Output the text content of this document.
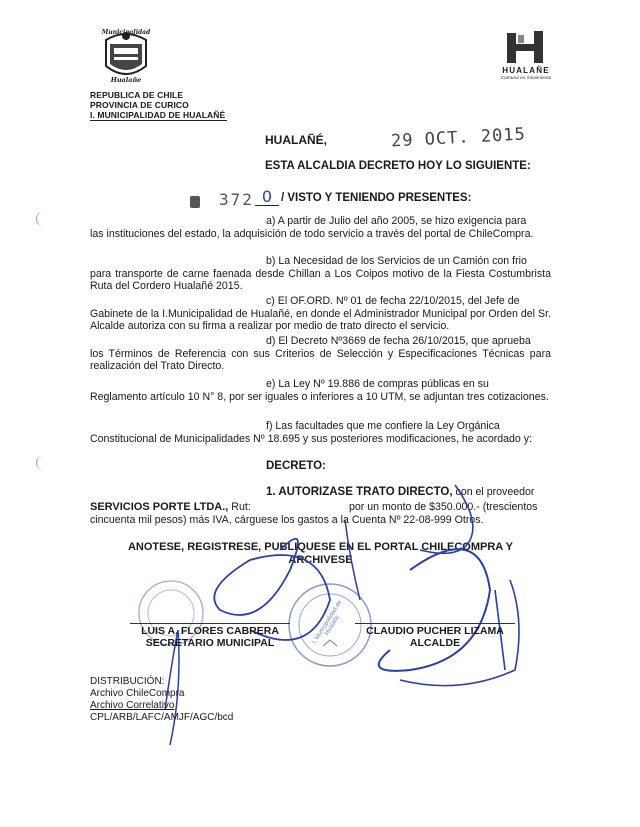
Municipalidad
Hualañe
REPUBLICA DE CHILE
PROVINCIA DE CURICO
I. MUNICIPALIDAD DE HUALAÑÉ
HUALAÑE
Comuna en movimiento
HUALAÑÉ,	29 OCT. 2015
ESTA ALCALDIA DECRETO HOY LO SIGUIENTE:
372 0 / VISTO Y TENIENDO PRESENTES:
a) A partir de Julio del año 2005, se hizo exigencia para
las instituciones del estado, la adquisición de todo servicio a través del portal de ChileCompra.
b) La Necesidad de los Servicios de un Camión con frio
para transporte de carne faenada desde Chillan a Los Coipos motivo de la Fiesta Costumbrista Ruta del Cordero Hualañé 2015.
c) El OF.ORD. Nº 01 de fecha 22/10/2015, del Jefe de
Gabinete de la I.Municipalidad de Hualañé, en donde el Administrador Municipal por Orden del Sr. Alcalde autoriza con su firma a realizar por medio de trato directo el servicio.
d) El Decreto Nº3669 de fecha 26/10/2015, que aprueba
los Términos de Referencia con sus Criterios de Selección y Especificaciones Técnicas para realización del Trato Directo.
e) La Ley Nº 19.886 de compras públicas en su
Reglamento artículo 10 N° 8, por ser iguales o inferiores a 10 UTM, se adjuntan tres cotizaciones.
f) Las facultades que me confiere la Ley Orgánica
Constitucional de Municipalidades Nº 18.695 y sus posteriores modificaciones, he acordado y:
DECRETO:
1. AUTORIZASE TRATO DIRECTO, con el proveedor
SERVICIOS PORTE LTDA., Rut:	por un monto de $350.000.- (trescientos
cincuenta mil pesos) más IVA, cárguese los gastos a la Cuenta Nº 22-08-999 Otros.
ANOTESE, REGISTRESE, PUBLIQUESE EN EL PORTAL CHILECOMPRA Y
ARCHIVESE
I. Municipalidad de Hualañe
LUIS A. FLORES CABRERA
SECRETARIO MUNICIPAL
CLAUDIO PUCHER LIZAMA
ALCALDE
DISTRIBUCIÓN:
Archivo ChileCompra
Archivo Correlativo
CPL/ARB/LAFC/AMJF/AGC/bcd
